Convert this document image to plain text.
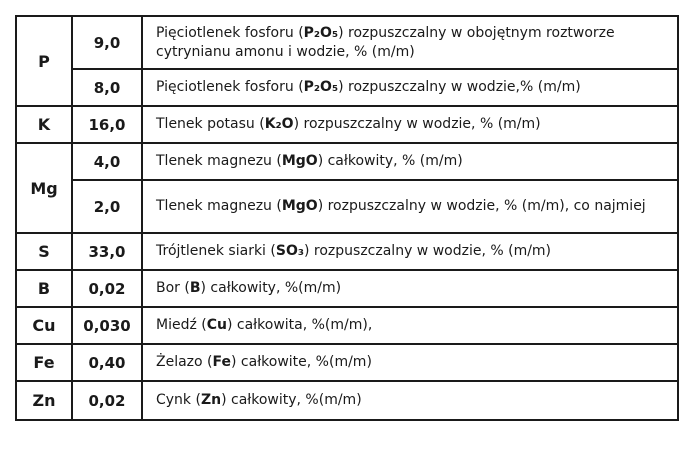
P	9,0	Pięciotlenek fosforu (P₂O₅) rozpuszczalny w obojętnym roztworze cytrynianu amonu i wodzie, % (m/m)
	8,0	Pięciotlenek fosforu (P₂O₅) rozpuszczalny w wodzie,% (m/m)
K	16,0	Tlenek potasu (K₂O) rozpuszczalny w wodzie, % (m/m)
Mg	4,0	Tlenek magnezu (MgO) całkowity, % (m/m)
	2,0	Tlenek magnezu (MgO) rozpuszczalny w wodzie, % (m/m), co najmiej
S	33,0	Trójtlenek siarki (SO₃) rozpuszczalny w wodzie, % (m/m)
B	0,02	Bor (B) całkowity, %(m/m)
Cu	0,030	Miedź (Cu) całkowita, %(m/m),
Fe	0,40	Żelazo (Fe) całkowite, %(m/m)
Zn	0,02	Cynk (Zn) całkowity, %(m/m)
